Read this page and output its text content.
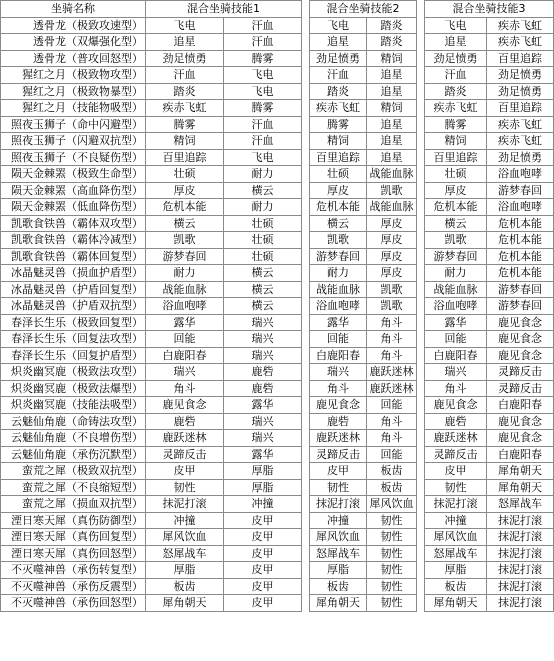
坐骑名称	混合坐骑技能1			混合坐骑技能2			混合坐骑技能3	
透骨龙（极致攻速型）	飞电	汗血		飞电	踏炎		飞电	疾赤飞虹
透骨龙（双爆强化型）	追星	汗血		追星	踏炎		追星	疾赤飞虹
透骨龙（普攻回怒型）	劲足愤勇	腾雾		劲足愤勇	精饲		劲足愤勇	百里追踪
猩红之月（极致物攻型）	汗血	飞电		汗血	追星		汗血	劲足愤勇
猩红之月（极致物暴型）	踏炎	飞电		踏炎	追星		踏炎	劲足愤勇
猩红之月（技能物吸型）	疾赤飞虹	腾雾		疾赤飞虹	精饲		疾赤飞虹	百里追踪
照夜玉狮子（命中闪避型）	腾雾	汗血		腾雾	追星		腾雾	疾赤飞虹
照夜玉狮子（闪避双抗型）	精饲	汗血		精饲	追星		精饲	疾赤飞虹
照夜玉狮子（不良疑伤型）	百里追踪	飞电		百里追踪	追星		百里追踪	劲足愤勇
陨天金棘罴（极致生命型）	壮硕	耐力		壮硕	战能血脉		壮硕	浴血咆哮
陨天金棘罴（高血降伤型）	厚皮	横云		厚皮	凯歌		厚皮	游梦春回
陨天金棘罴（低血降伤型）	危机本能	耐力		危机本能	战能血脉		危机本能	浴血咆哮
凯歌食铁兽（霸体双攻型）	横云	壮硕		横云	厚皮		横云	危机本能
凯歌食铁兽（霸体冷减型）	凯歌	壮硕		凯歌	厚皮		凯歌	危机本能
凯歌食铁兽（霸体回复型）	游梦春回	壮硕		游梦春回	厚皮		游梦春回	危机本能
冰晶魅灵兽（损血护盾型）	耐力	横云		耐力	厚皮		耐力	危机本能
冰晶魅灵兽（护盾回复型）	战能血脉	横云		战能血脉	凯歌		战能血脉	游梦春回
冰晶魅灵兽（护盾双抗型）	浴血咆哮	横云		浴血咆哮	凯歌		浴血咆哮	游梦春回
春泽长生乐（极致回复型）	露华	瑞兴		露华	角斗		露华	鹿见食念
春泽长生乐（回复法攻型）	回能	瑞兴		回能	角斗		回能	鹿见食念
春泽长生乐（回复护盾型）	白鹿阳春	瑞兴		白鹿阳春	角斗		白鹿阳春	鹿见食念
炽炎幽冥鹿（极致法攻型）	瑞兴	鹿砦		瑞兴	鹿跃迷林		瑞兴	灵蹄反击
炽炎幽冥鹿（极致法爆型）	角斗	鹿砦		角斗	鹿跃迷林		角斗	灵蹄反击
炽炎幽冥鹿（技能法吸型）	鹿见食念	露华		鹿见食念	回能		鹿见食念	白鹿阳春
云魅仙角鹿（命铸法攻型）	鹿砦	瑞兴		鹿砦	角斗		鹿砦	鹿见食念
云魅仙角鹿（不良增伤型）	鹿跃迷林	瑞兴		鹿跃迷林	角斗		鹿跃迷林	鹿见食念
云魅仙角鹿（承伤沉默型）	灵蹄反击	露华		灵蹄反击	回能		灵蹄反击	白鹿阳春
蛮荒之犀（极致双抗型）	皮甲	厚脂		皮甲	板齿		皮甲	犀角朝天
蛮荒之犀（不良缩短型）	韧性	厚脂		韧性	板齿		韧性	犀角朝天
蛮荒之犀（损血双抗型）	抹泥打滚	冲撞		抹泥打滚	犀风饮血		抹泥打滚	怒犀战车
湮日寒天犀（真伤防御型）	冲撞	皮甲		冲撞	韧性		冲撞	抹泥打滚
湮日寒天犀（真伤回复型）	犀风饮血	皮甲		犀风饮血	韧性		犀风饮血	抹泥打滚
湮日寒天犀（真伤回怒型）	怒犀战车	皮甲		怒犀战车	韧性		怒犀战车	抹泥打滚
不灭噬神兽（承伤转复型）	厚脂	皮甲		厚脂	韧性		厚脂	抹泥打滚
不灭噬神兽（承伤反震型）	板齿	皮甲		板齿	韧性		板齿	抹泥打滚
不灭噬神兽（承伤回怒型）	犀角朝天	皮甲		犀角朝天	韧性		犀角朝天	抹泥打滚
